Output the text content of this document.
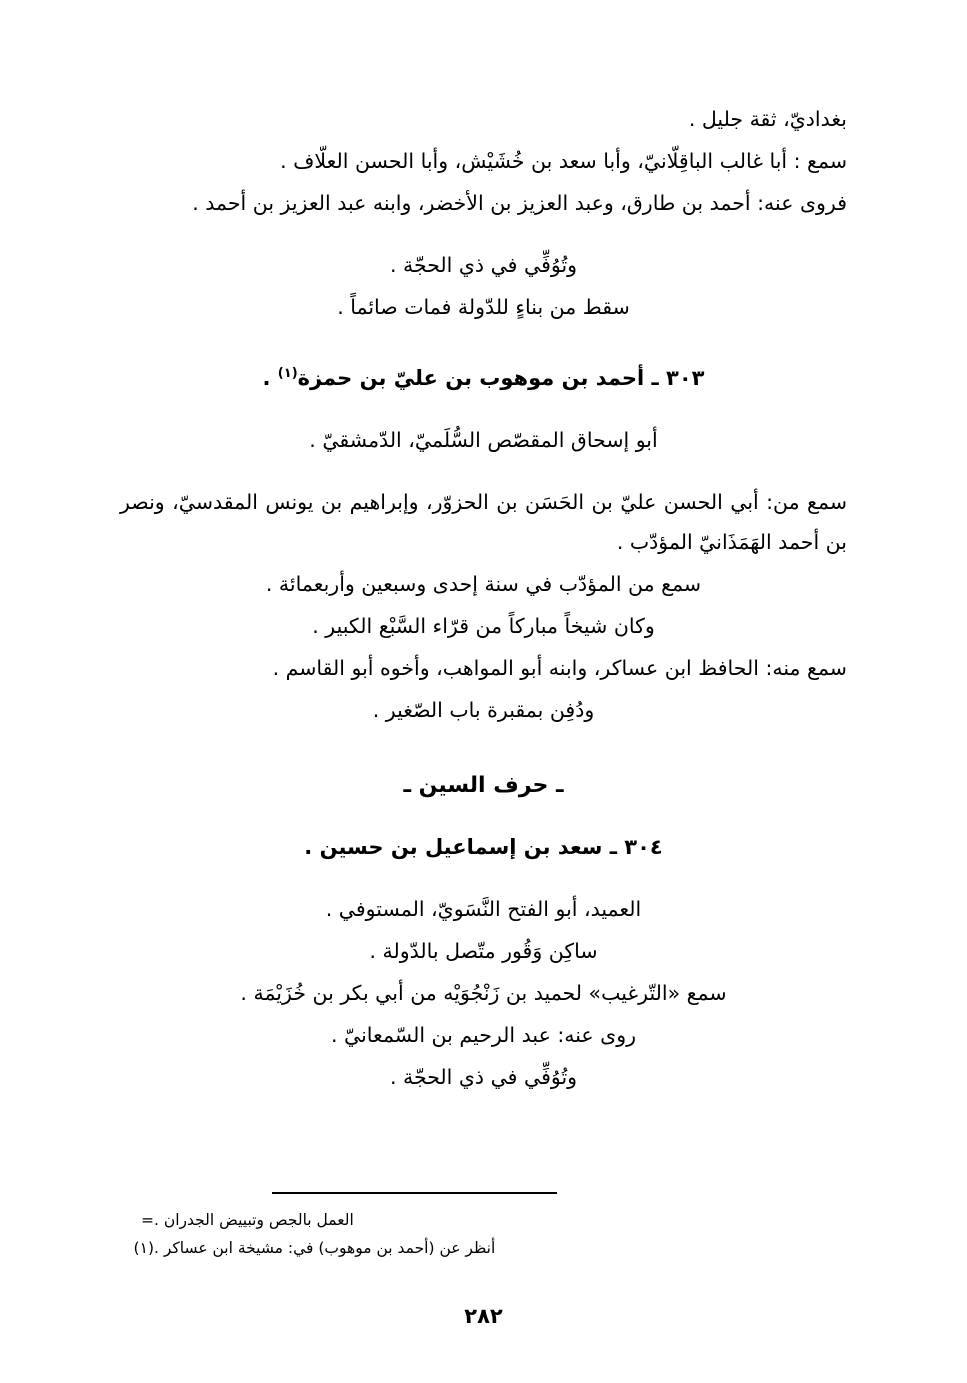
بغداديّ، ثقة جليل .

سمع : أبا غالب الباقِلّانيّ، وأبا سعد بن خُشَيْش، وأبا الحسن العلّاف .

فروى عنه: أحمد بن طارق، وعبد العزيز بن الأخضر، وابنه عبد العزيز بن أحمد .

وتُوُفِّي في ذي الحجّة .

سقط من بناءٍ للدّولة فمات صائماً .

٣٠٣ ـ أحمد بن موهوب بن عليّ بن حمزة$^{(١)}$ .

أبو إسحاق المقصّص السُّلَميّ، الدّمشقيّ .

سمع من: أبي الحسن عليّ بن الحَسَن بن الحزوّر، وإبراهيم بن يونس المقدسيّ، ونصر بن أحمد الهَمَذَانيّ المؤدّب .

سمع من المؤدّب في سنة إحدى وسبعين وأربعمائة .

وكان شيخاً مباركاً من قرّاء السَّبْع الكبير .

سمع منه: الحافظ ابن عساكر، وابنه أبو المواهب، وأخوه أبو القاسم .

ودُفِن بمقبرة باب الصّغير .

ـ حرف السين ـ

٣٠٤ ـ سعد بن إسماعيل بن حسين .

العميد، أبو الفتح النَّسَويّ، المستوفي .

ساكِن وَقُور متّصل بالدّولة .

سمع «التّرغيب» لحميد بن زَنْجُوَيْه من أبي بكر بن خُزَيْمَة .

روى عنه: عبد الرحيم بن السّمعانيّ .

وتُوُفِّي في ذي الحجّة .

العمل بالجص وتبييض الجدران .
=
أنظر عن (أحمد بن موهوب) في: مشيخة ابن عساكر .
(١)
٢٨٢
